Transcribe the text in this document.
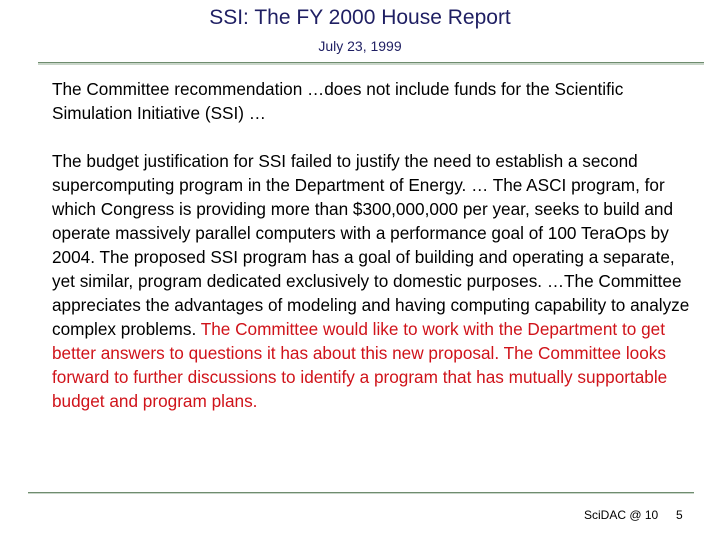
SSI: The FY 2000 House Report
July 23, 1999

The Committee recommendation …does not include funds for the Scientific Simulation Initiative (SSI) …

The budget justification for SSI failed to justify the need to establish a second supercomputing program in the Department of Energy. … The ASCI program, for which Congress is providing more than $300,000,000 per year, seeks to build and operate massively parallel computers with a performance goal of 100 TeraOps by 2004. The proposed SSI program has a goal of building and operating a separate, yet similar, program dedicated exclusively to domestic purposes. …The Committee appreciates the advantages of modeling and having computing capability to analyze complex problems. The Committee would like to work with the Department to get better answers to questions it has about this new proposal. The Committee looks forward to further discussions to identify a program that has mutually supportable budget and program plans.

SciDAC @ 10 5
